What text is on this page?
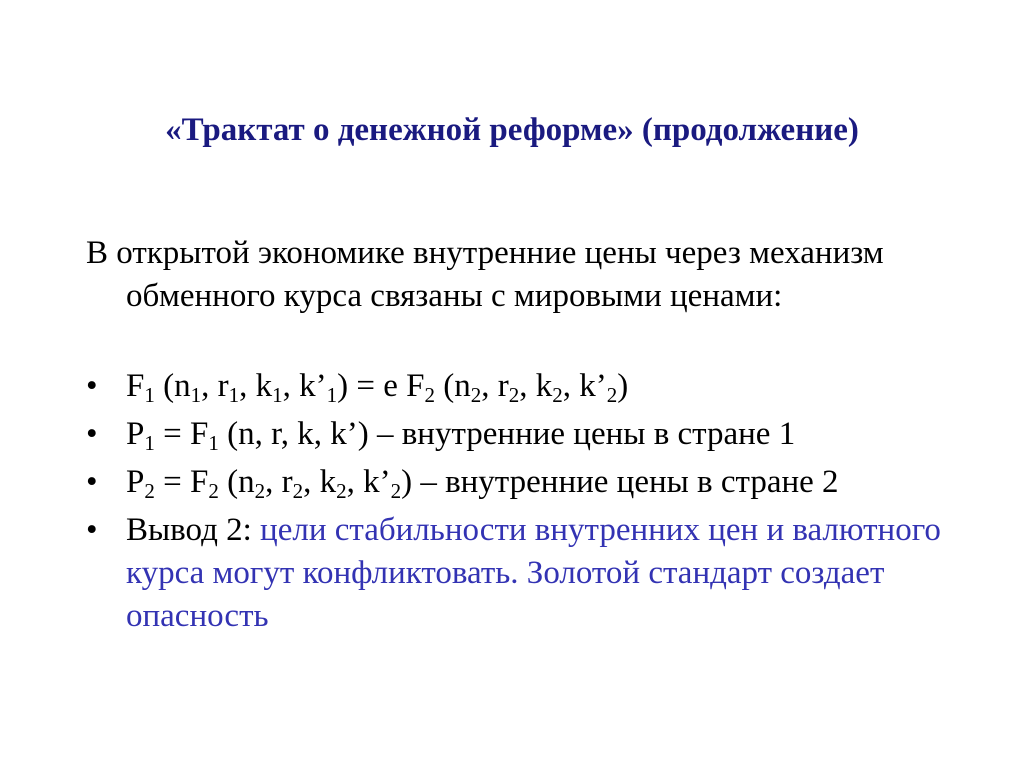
«Трактат о денежной реформе» (продолжение)
В открытой экономике внутренние цены через механизм обменного курса связаны с мировыми ценами:
• $F_1$ ($n_1$, $r_1$, $k_1$, $k’_1) = e$ $F_2$ ($n_2$, $r_2$, $k_2$, $k’_2$)
• $P_1 = F_1$ (n, r, k, k’) – внутренние цены в стране 1
• $P_2 = F_2$ ($n_2$, $r_2$, $k_2$, $k’_2$) – внутренние цены в стране 2
• Вывод 2: цели стабильности внутренних цен и валютного курса могут конфликтовать. Золотой стандарт создает опасность
